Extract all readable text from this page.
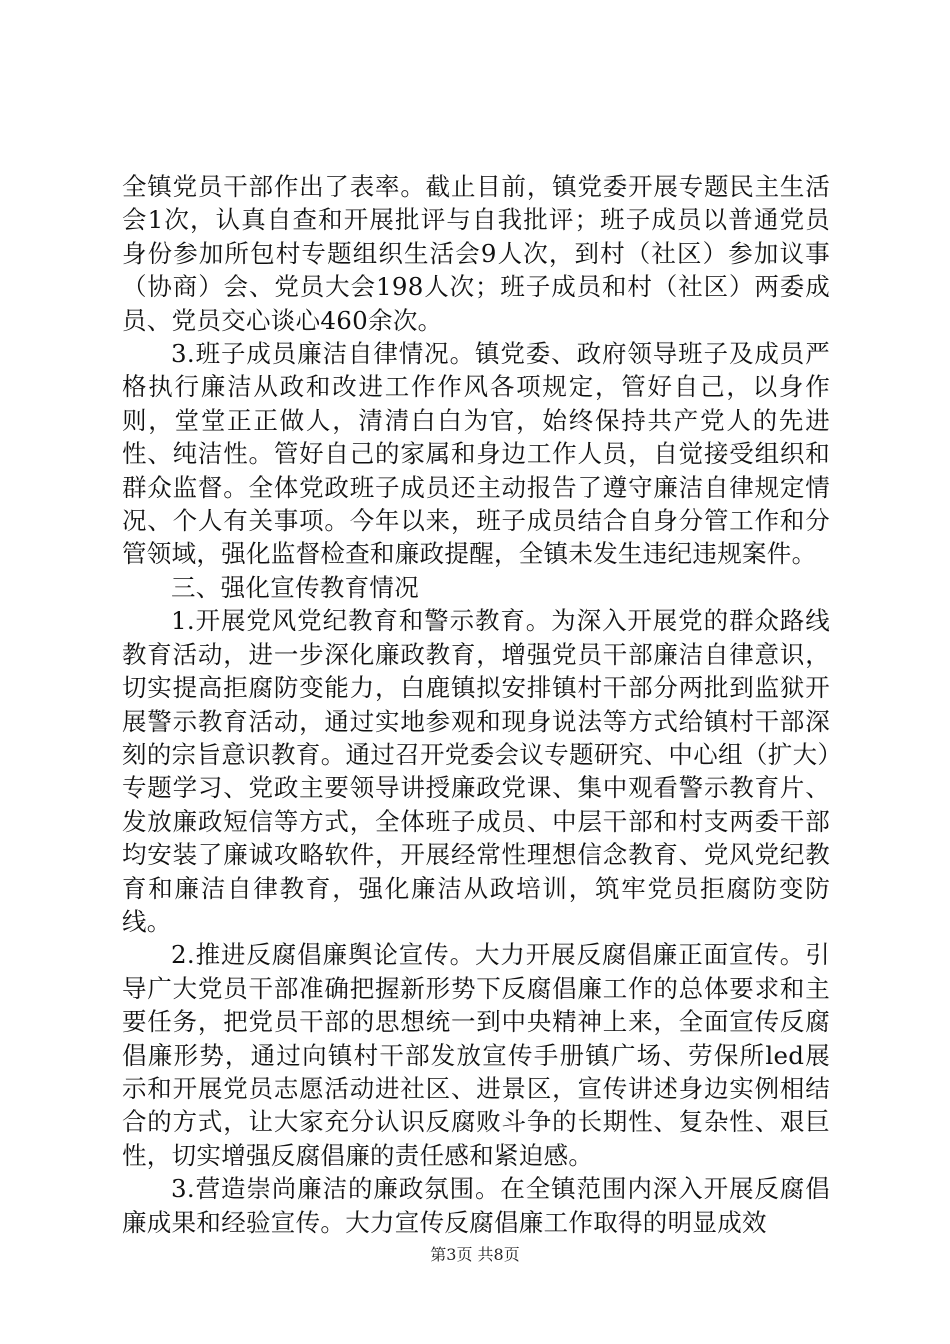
全镇党员干部作出了表率。截止目前，镇党委开展专题民主生活会1次，认真自查和开展批评与自我批评；班子成员以普通党员身份参加所包村专题组织生活会9人次，到村（社区）参加议事（协商）会、党员大会198人次；班子成员和村（社区）两委成员、党员交心谈心460余次。

3.班子成员廉洁自律情况。镇党委、政府领导班子及成员严格执行廉洁从政和改进工作作风各项规定，管好自己，以身作则，堂堂正正做人，清清白白为官，始终保持共产党人的先进性、纯洁性。管好自己的家属和身边工作人员，自觉接受组织和群众监督。全体党政班子成员还主动报告了遵守廉洁自律规定情况、个人有关事项。今年以来，班子成员结合自身分管工作和分管领域，强化监督检查和廉政提醒，全镇未发生违纪违规案件。

三、强化宣传教育情况

1.开展党风党纪教育和警示教育。为深入开展党的群众路线教育活动，进一步深化廉政教育，增强党员干部廉洁自律意识，切实提高拒腐防变能力，白鹿镇拟安排镇村干部分两批到监狱开展警示教育活动，通过实地参观和现身说法等方式给镇村干部深刻的宗旨意识教育。通过召开党委会议专题研究、中心组（扩大）专题学习、党政主要领导讲授廉政党课、集中观看警示教育片、发放廉政短信等方式，全体班子成员、中层干部和村支两委干部均安装了廉诚攻略软件，开展经常性理想信念教育、党风党纪教育和廉洁自律教育，强化廉洁从政培训，筑牢党员拒腐防变防线。

2.推进反腐倡廉舆论宣传。大力开展反腐倡廉正面宣传。引导广大党员干部准确把握新形势下反腐倡廉工作的总体要求和主要任务，把党员干部的思想统一到中央精神上来，全面宣传反腐倡廉形势，通过向镇村干部发放宣传手册镇广场、劳保所led展示和开展党员志愿活动进社区、进景区，宣传讲述身边实例相结合的方式，让大家充分认识反腐败斗争的长期性、复杂性、艰巨性，切实增强反腐倡廉的责任感和紧迫感。

3.营造崇尚廉洁的廉政氛围。在全镇范围内深入开展反腐倡廉成果和经验宣传。大力宣传反腐倡廉工作取得的明显成效

第3页 共8页
